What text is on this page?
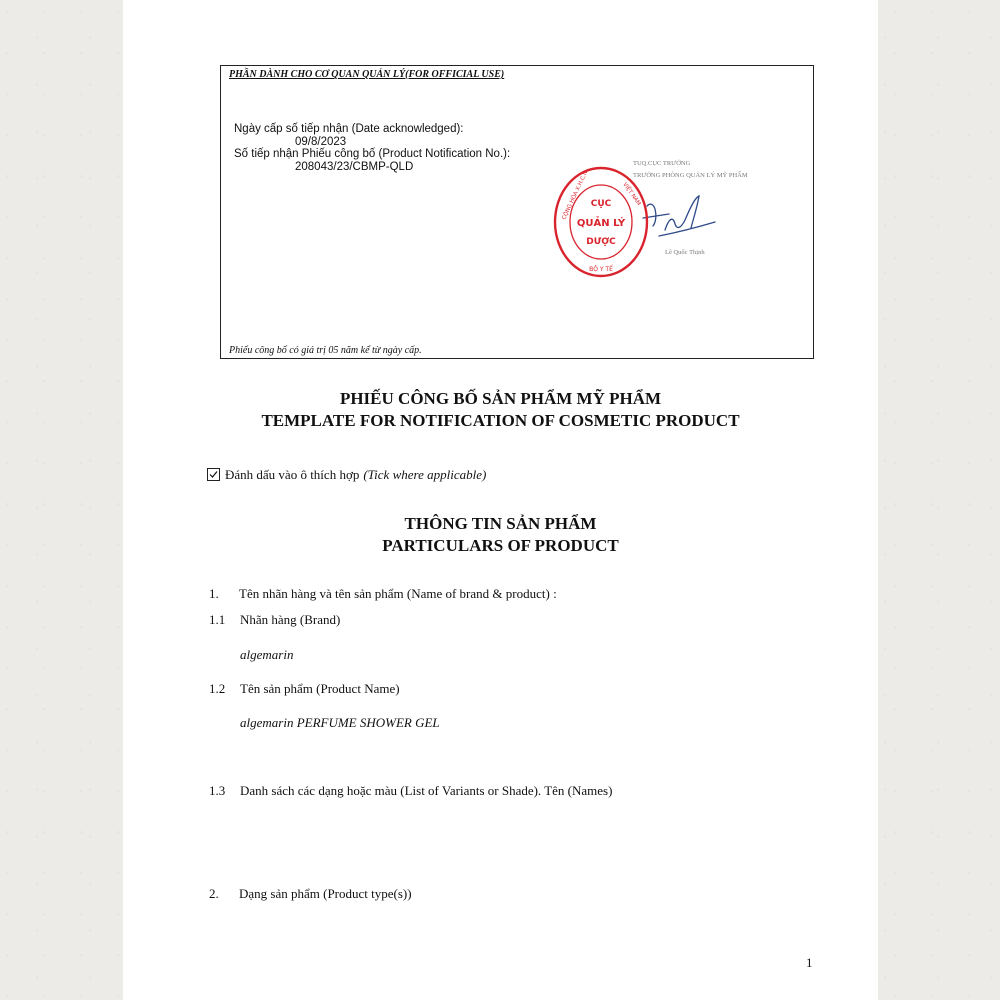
PHẦN DÀNH CHO CƠ QUAN QUẢN LÝ(FOR OFFICIAL USE)
Ngày cấp số tiếp nhận (Date acknowledged):
09/8/2023
Số tiếp nhận Phiếu công bố (Product Notification No.):
208043/23/CBMP-QLD	TUQ.CỤC TRƯỞNG
TRƯỞNG PHÒNG QUẢN LÝ MỸ PHẨM
CỤC
QUẢN LÝ
DƯỢC
CỘNG HÒA X.H.C.N	VIỆT NAM
BỘ Y TẾ
Lê Quốc Thịnh
Phiếu công bố có giá trị 05 năm kể từ ngày cấp.
PHIẾU CÔNG BỐ SẢN PHẨM MỸ PHẨM
TEMPLATE FOR NOTIFICATION OF COSMETIC PRODUCT
Đánh dấu vào ô thích hợp (Tick where applicable)
THÔNG TIN SẢN PHẨM
PARTICULARS OF PRODUCT
1. Tên nhãn hàng và tên sản phẩm (Name of brand & product) :
1.1 Nhãn hàng (Brand)
algemarin
1.2 Tên sản phẩm (Product Name)
algemarin PERFUME SHOWER GEL
1.3 Danh sách các dạng hoặc màu (List of Variants or Shade). Tên (Names)
2. Dạng sản phẩm (Product type(s))
1
